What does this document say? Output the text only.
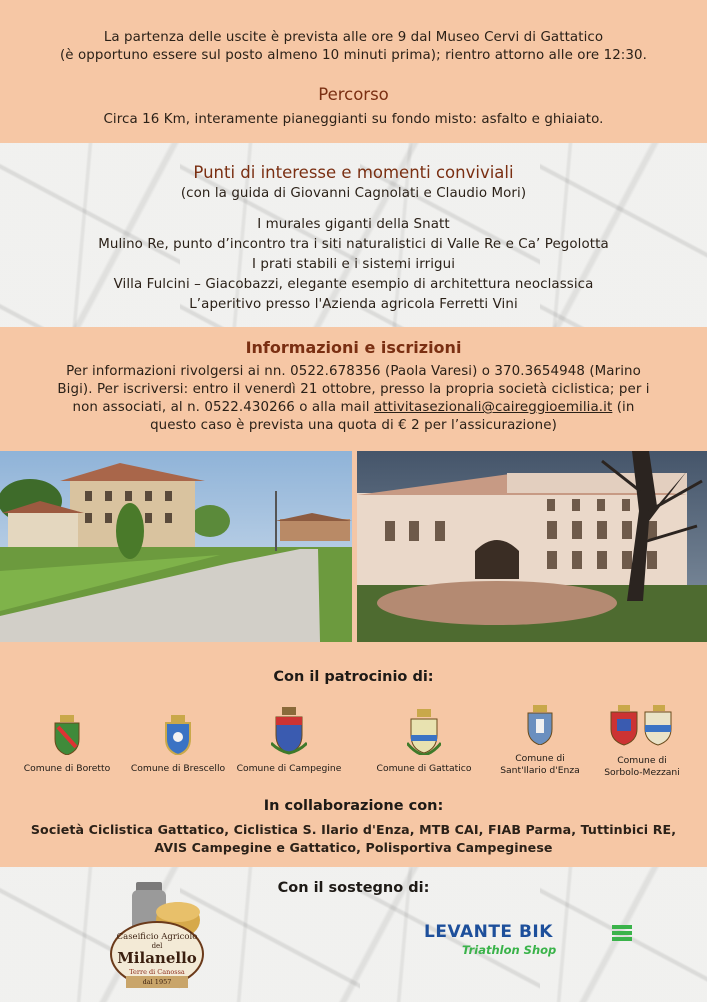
La partenza delle uscite è prevista alle ore 9 dal Museo Cervi di Gattatico
(è opportuno essere sul posto almeno 10 minuti prima); rientro attorno alle ore 12:30.
Percorso
Circa 16 Km, interamente pianeggianti su fondo misto: asfalto e ghiaiato.
Punti di interesse e momenti conviviali
(con la guida di Giovanni Cagnolati e Claudio Mori)
I murales giganti della Snatt
Mulino Re, punto d’incontro tra i siti naturalistici di Valle Re e Ca’ Pegolotta
I prati stabili e i sistemi irrigui
Villa Fulcini – Giacobazzi, elegante esempio di architettura neoclassica
L’aperitivo presso l'Azienda agricola Ferretti Vini
Informazioni e iscrizioni
Per informazioni rivolgersi ai nn. 0522.678356 (Paola Varesi) o 370.3654948 (Marino
Bigi). Per iscriversi: entro il venerdì 21 ottobre, presso la propria società ciclistica; per i
non associati, al n. 0522.430266 o alla mail attivitasezionali@caireggioemilia.it (in
questo caso è prevista una quota di € 2 per l’assicurazione)
Con il patrocinio di:
In collaborazione con:
Società Ciclistica Gattatico, Ciclistica S. Ilario d'Enza, MTB CAI, FIAB Parma, Tuttinbici RE,
AVIS Campegine e Gattatico, Polisportiva Campeginese
Comune di Boretto	Comune di Brescello	Comune di Campegine	Comune di Gattatico
Comune di
Sant'Ilario d'Enza
Comune di
Sorbolo-Mezzani
Con il sostegno di:
Caseificio Agricolo
del
Milanello
Terre di Canossa
dal 1957
LEVANTE BIK
Triathlon Shop
